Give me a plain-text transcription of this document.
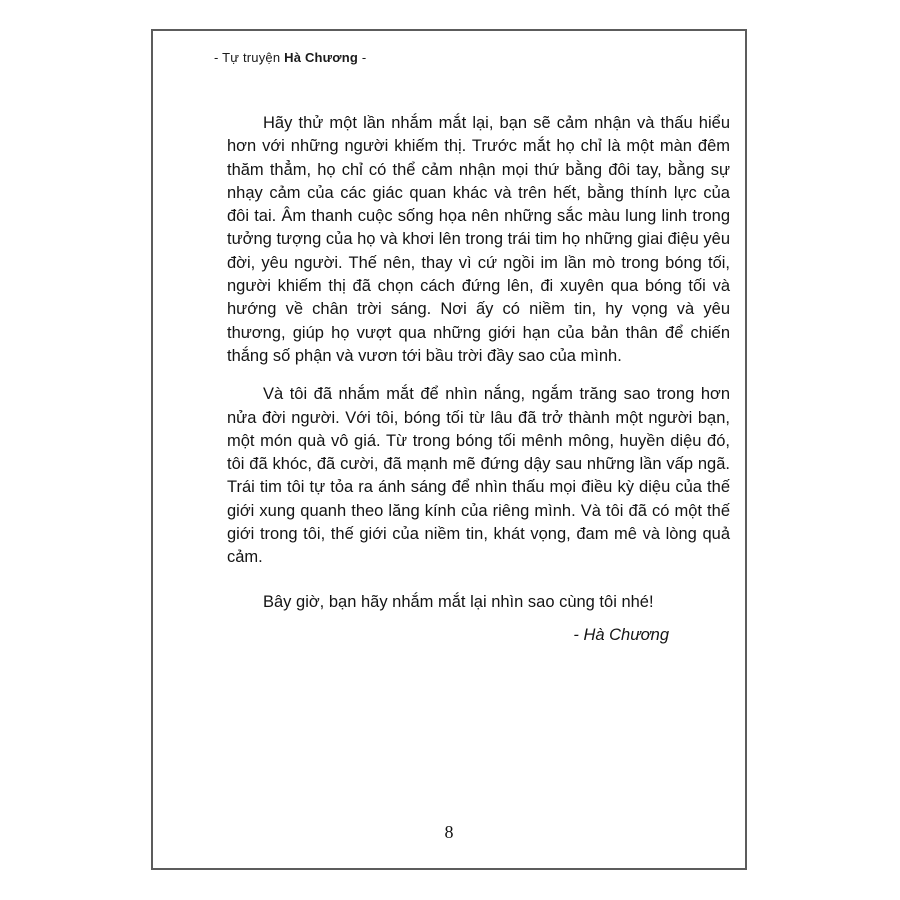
- Tự truyện Hà Chương -

Hãy thử một lần nhắm mắt lại, bạn sẽ cảm nhận và thấu hiểu hơn với những người khiếm thị. Trước mắt họ chỉ là một màn đêm thăm thẳm, họ chỉ có thể cảm nhận mọi thứ bằng đôi tay, bằng sự nhạy cảm của các giác quan khác và trên hết, bằng thính lực của đôi tai. Âm thanh cuộc sống họa nên những sắc màu lung linh trong tưởng tượng của họ và khơi lên trong trái tim họ những giai điệu yêu đời, yêu người. Thế nên, thay vì cứ ngồi im lần mò trong bóng tối, người khiếm thị đã chọn cách đứng lên, đi xuyên qua bóng tối và hướng về chân trời sáng. Nơi ấy có niềm tin, hy vọng và yêu thương, giúp họ vượt qua những giới hạn của bản thân để chiến thắng số phận và vươn tới bầu trời đầy sao của mình.

Và tôi đã nhắm mắt để nhìn nắng, ngắm trăng sao trong hơn nửa đời người. Với tôi, bóng tối từ lâu đã trở thành một người bạn, một món quà vô giá. Từ trong bóng tối mênh mông, huyền diệu đó, tôi đã khóc, đã cười, đã mạnh mẽ đứng dậy sau những lần vấp ngã. Trái tim tôi tự tỏa ra ánh sáng để nhìn thấu mọi điều kỳ diệu của thế giới xung quanh theo lăng kính của riêng mình. Và tôi đã có một thế giới trong tôi, thế giới của niềm tin, khát vọng, đam mê và lòng quả cảm.

Bây giờ, bạn hãy nhắm mắt lại nhìn sao cùng tôi nhé!

- Hà Chương
8
